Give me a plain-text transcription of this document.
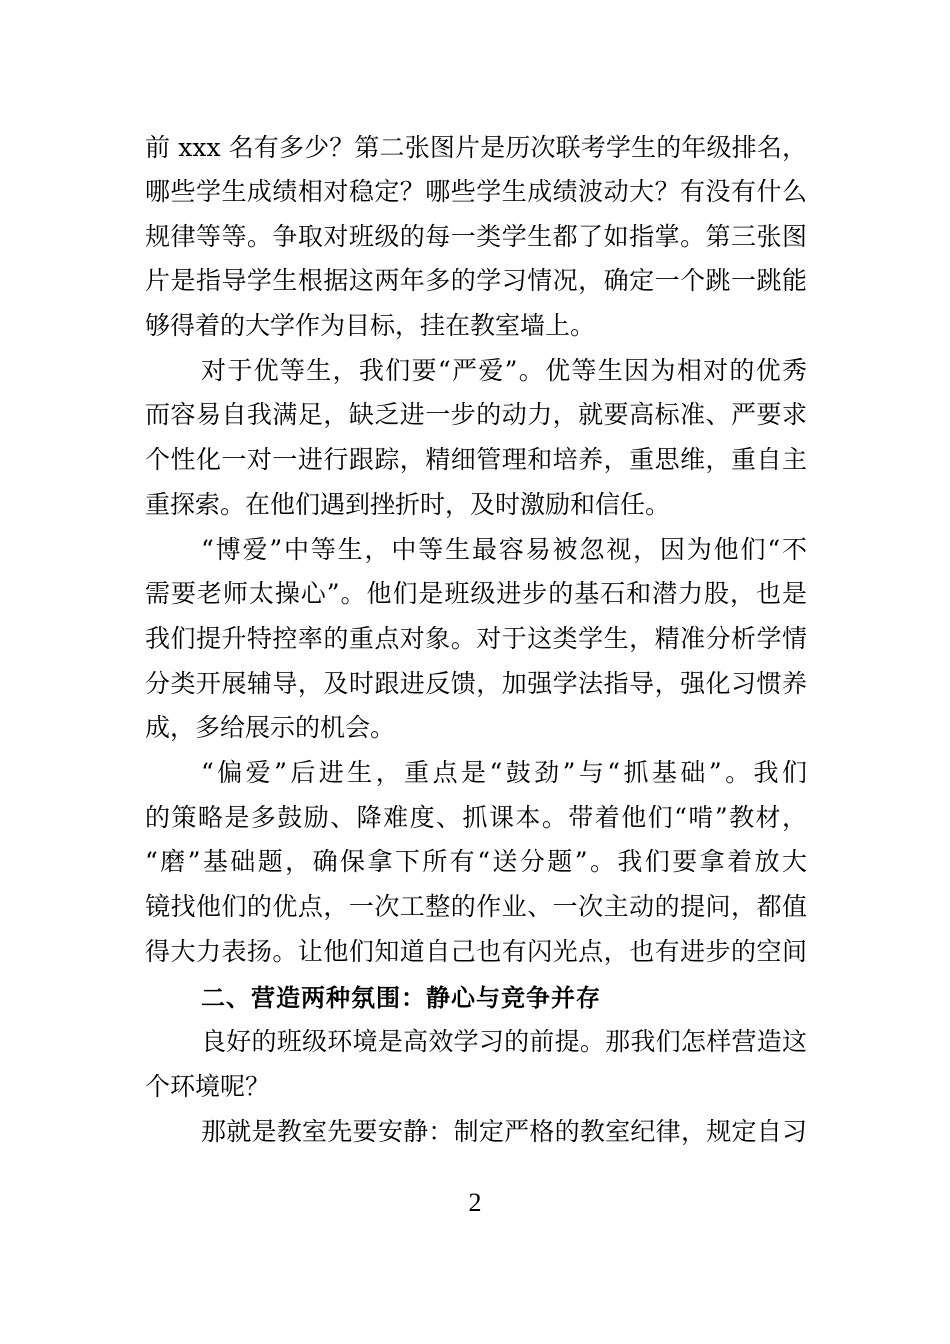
前 xxx 名有多少？第二张图片是历次联考学生的年级排名，
哪些学生成绩相对稳定？哪些学生成绩波动大？有没有什么
规律等等。争取对班级的每一类学生都了如指掌。第三张图
片是指导学生根据这两年多的学习情况，确定一个跳一跳能
够得着的大学作为目标，挂在教室墙上。
对于优等生，我们要“严爱”。优等生因为相对的优秀
而容易自我满足，缺乏进一步的动力，就要高标准、严要求
个性化一对一进行跟踪，精细管理和培养，重思维，重自主
重探索。在他们遇到挫折时，及时激励和信任。
“博爱”中等生，中等生最容易被忽视，因为他们“不
需要老师太操心”。他们是班级进步的基石和潜力股，也是
我们提升特控率的重点对象。对于这类学生，精准分析学情
分类开展辅导，及时跟进反馈，加强学法指导，强化习惯养
成，多给展示的机会。
“偏爱”后进生，重点是“鼓劲”与“抓基础”。我们
的策略是多鼓励、降难度、抓课本。带着他们“啃”教材，
“磨”基础题，确保拿下所有“送分题”。我们要拿着放大
镜找他们的优点，一次工整的作业、一次主动的提问，都值
得大力表扬。让他们知道自己也有闪光点，也有进步的空间
二、营造两种氛围：静心与竞争并存
良好的班级环境是高效学习的前提。那我们怎样营造这
个环境呢？
那就是教室先要安静：制定严格的教室纪律，规定自习
2
